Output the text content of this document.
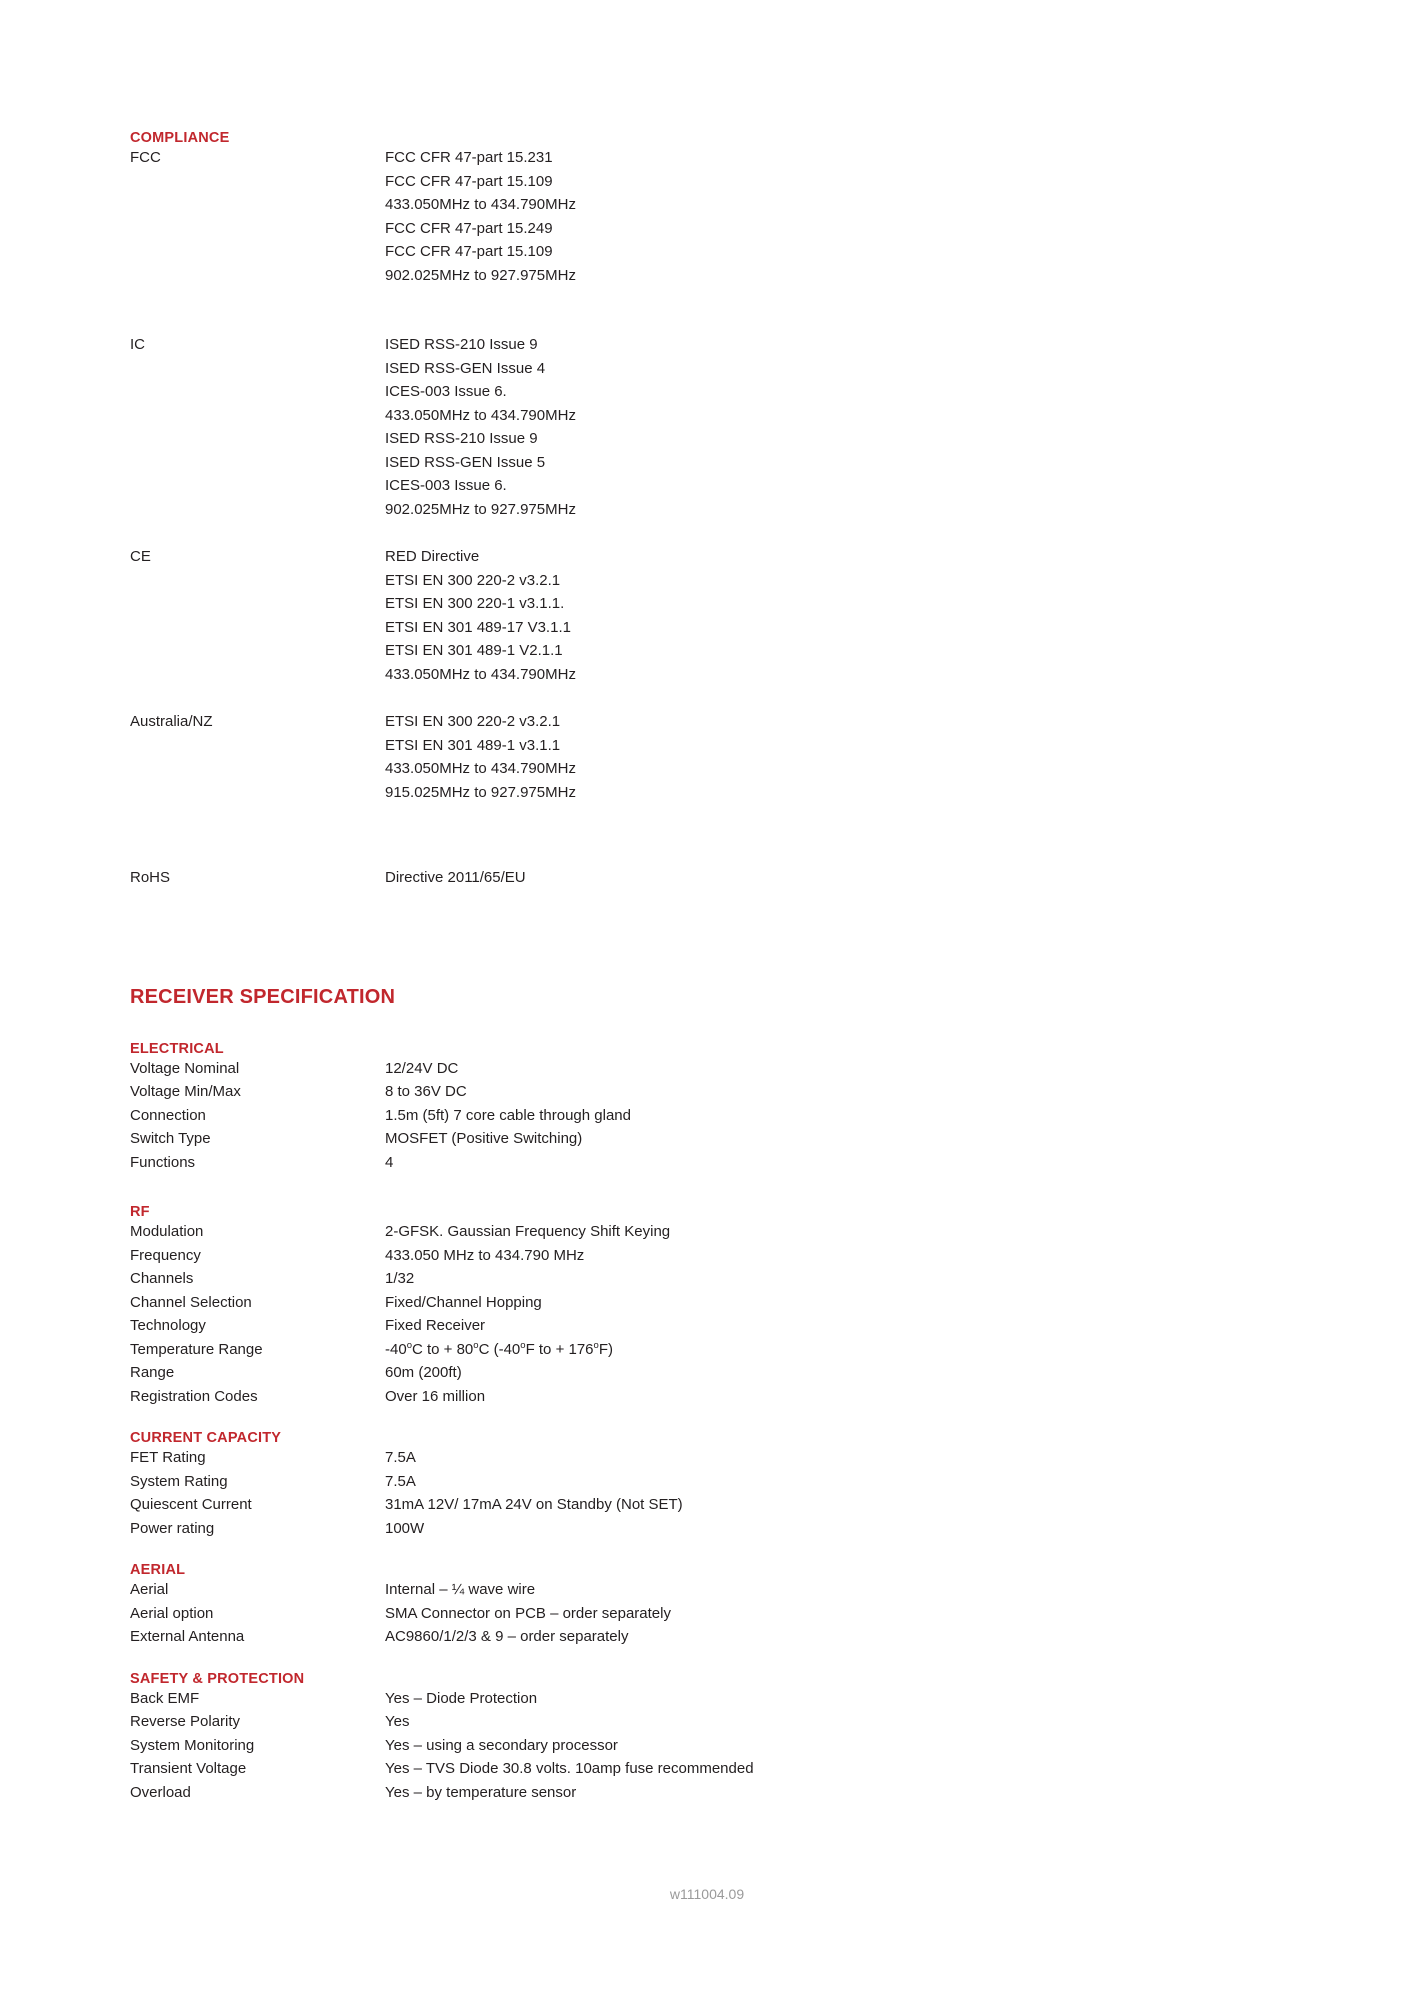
COMPLIANCE
FCC	FCC CFR 47-part 15.231
FCC CFR 47-part 15.109
433.050MHz to 434.790MHz
FCC CFR 47-part 15.249
FCC CFR 47-part 15.109
902.025MHz to 927.975MHz

IC	ISED RSS-210 Issue 9
ISED RSS-GEN Issue 4
ICES-003 Issue 6.
433.050MHz to 434.790MHz
ISED RSS-210 Issue 9
ISED RSS-GEN Issue 5
ICES-003 Issue 6.
902.025MHz to 927.975MHz

CE	RED Directive
ETSI EN 300 220-2 v3.2.1
ETSI EN 300 220-1 v3.1.1.
ETSI EN 301 489-17 V3.1.1
ETSI EN 301 489-1 V2.1.1
433.050MHz to 434.790MHz

Australia/NZ	ETSI EN 300 220-2 v3.2.1
ETSI EN 301 489-1 v3.1.1
433.050MHz to 434.790MHz
915.025MHz to 927.975MHz

RoHS	Directive 2011/65/EU
RECEIVER SPECIFICATION
ELECTRICAL
Voltage Nominal	12/24V DC
Voltage Min/Max	8 to 36V DC
Connection	1.5m (5ft) 7 core cable through gland
Switch Type	MOSFET (Positive Switching)
Functions	4
RF
Modulation	2-GFSK. Gaussian Frequency Shift Keying
Frequency	433.050 MHz to 434.790 MHz
Channels	1/32
Channel Selection	Fixed/Channel Hopping
Technology	Fixed Receiver
Temperature Range	-40$^o$C to + $80^oC$ (-40$^o$F to + $176^oF$)
Range	60m (200ft)
Registration Codes	Over 16 million
CURRENT CAPACITY
FET Rating	7.5A
System Rating	7.5A
Quiescent Current	31mA 12V/ 17mA 24V on Standby (Not SET)
Power rating	100W
AERIAL
Aerial	Internal – ¼ wave wire
Aerial option	SMA Connector on PCB – order separately
External Antenna	AC9860/1/2/3 & 9 – order separately
SAFETY & PROTECTION
Back EMF	Yes – Diode Protection
Reverse Polarity	Yes
System Monitoring	Yes – using a secondary processor
Transient Voltage	Yes – TVS Diode 30.8 volts. 10amp fuse recommended
Overload	Yes – by temperature sensor
w111004.09
